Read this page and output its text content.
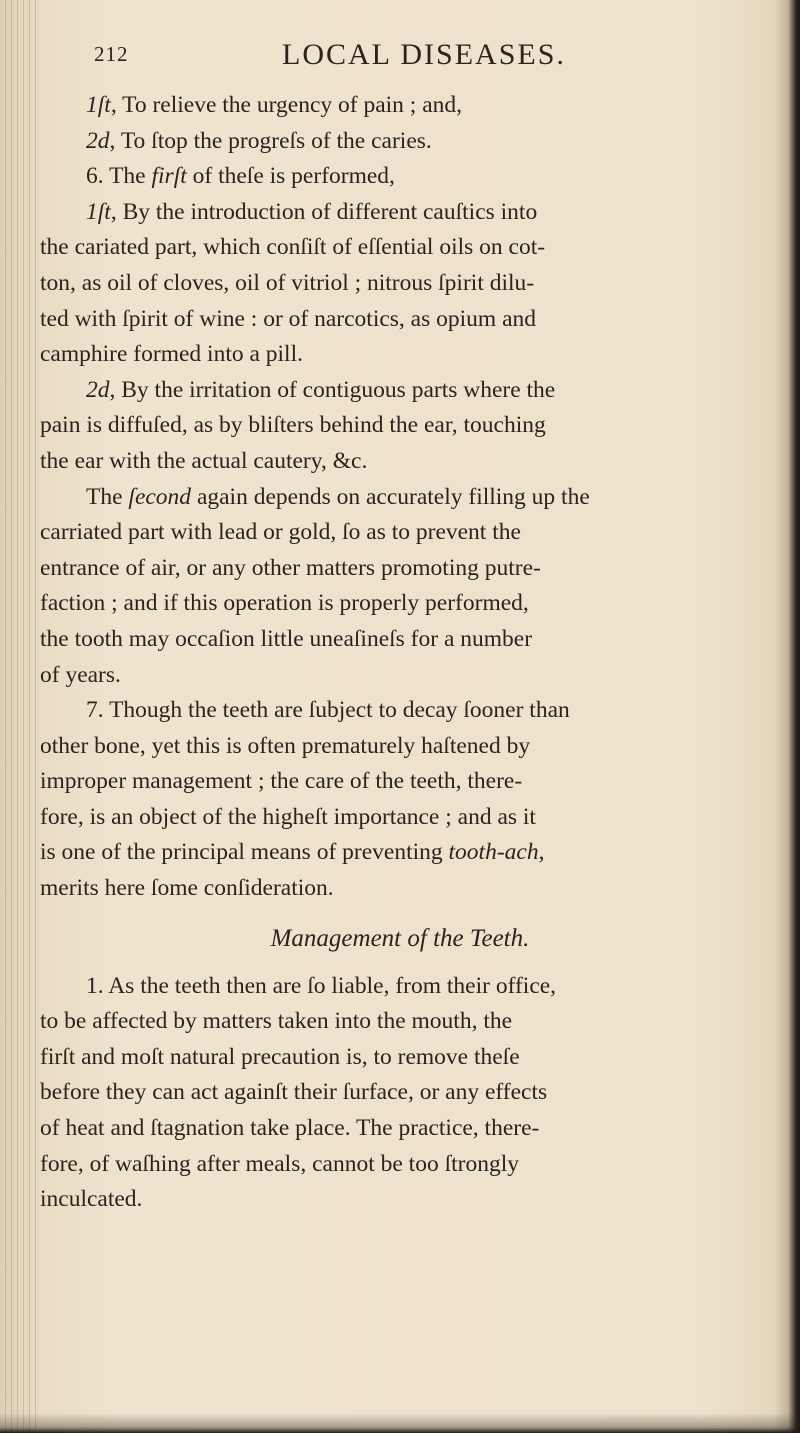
212	LOCAL DISEASES.
1ſt, To relieve the urgency of pain ; and,
2d, To ſtop the progreſs of the caries.
6. The firſt of theſe is performed,
1ſt, By the introduction of different cauſtics into
the cariated part, which conſiſt of eſſential oils on cot-
ton, as oil of cloves, oil of vitriol ; nitrous ſpirit dilu-
ted with ſpirit of wine : or of narcotics, as opium and
camphire formed into a pill.
2d, By the irritation of contiguous parts where the
pain is diffuſed, as by bliſters behind the ear, touching
the ear with the actual cautery, &c.
The ſecond again depends on accurately filling up the
carriated part with lead or gold, ſo as to prevent the
entrance of air, or any other matters promoting putre-
faction ; and if this operation is properly performed,
the tooth may occaſion little uneaſineſs for a number
of years.
7. Though the teeth are ſubject to decay ſooner than
other bone, yet this is often prematurely haſtened by
improper management ; the care of the teeth, there-
fore, is an object of the higheſt importance ; and as it
is one of the principal means of preventing tooth-ach,
merits here ſome conſideration.
Management of the Teeth.
1. As the teeth then are ſo liable, from their office,
to be affected by matters taken into the mouth, the
firſt and moſt natural precaution is, to remove theſe
before they can act againſt their ſurface, or any effects
of heat and ſtagnation take place. The practice, there-
fore, of waſhing after meals, cannot be too ſtrongly
inculcated.
